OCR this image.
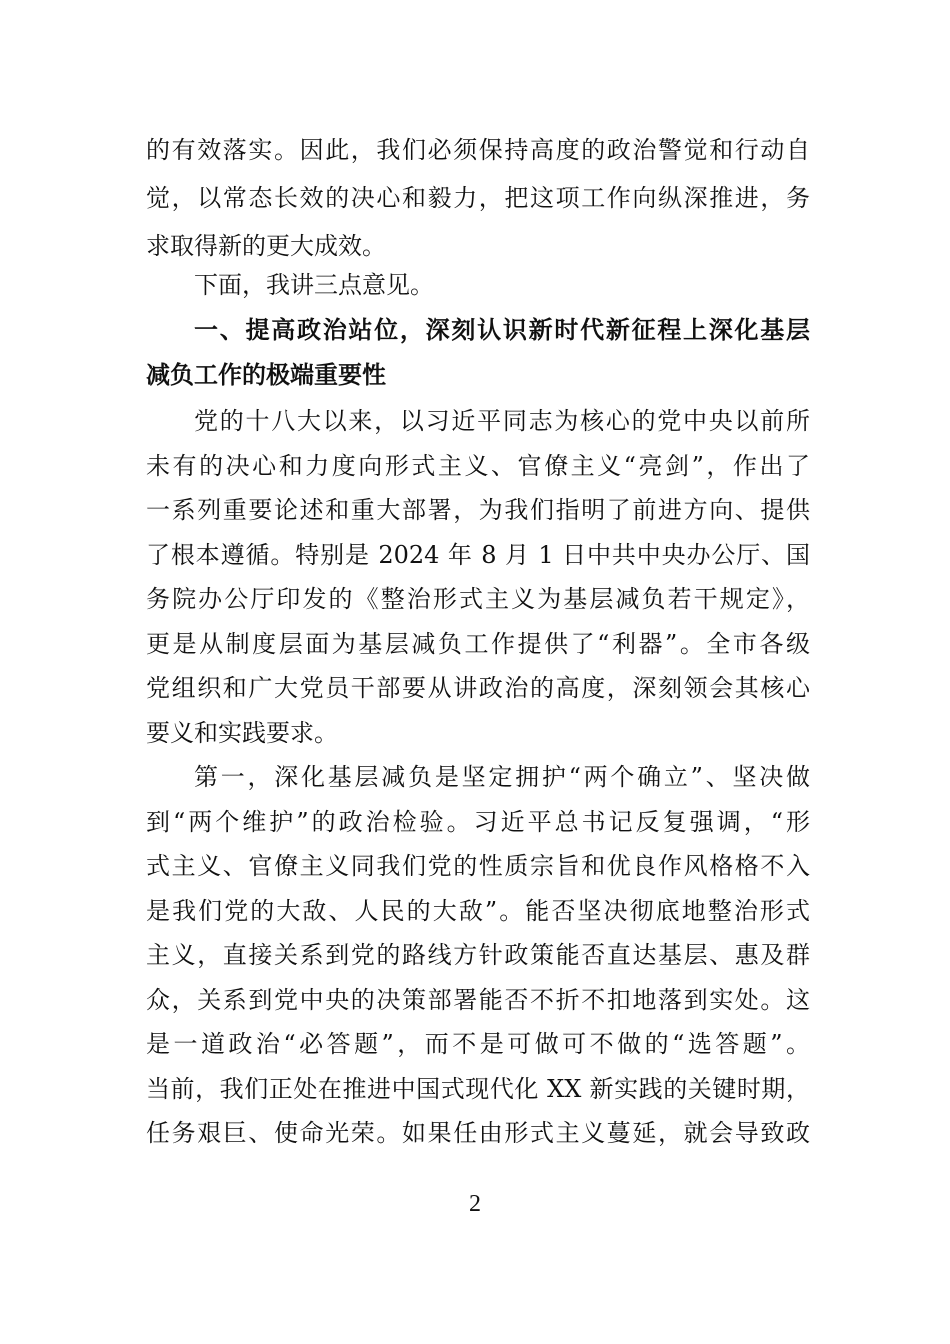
的有效落实。因此，我们必须保持高度的政治警觉和行动自

觉，以常态长效的决心和毅力，把这项工作向纵深推进，务

求取得新的更大成效。

下面，我讲三点意见。

一、提高政治站位，深刻认识新时代新征程上深化基层

减负工作的极端重要性

党的十八大以来，以习近平同志为核心的党中央以前所

未有的决心和力度向形式主义、官僚主义“亮剑”，作出了

一系列重要论述和重大部署，为我们指明了前进方向、提供

了根本遵循。特别是 2024 年 8 月 1 日中共中央办公厅、国

务院办公厅印发的《整治形式主义为基层减负若干规定》，

更是从制度层面为基层减负工作提供了“利器”。全市各级

党组织和广大党员干部要从讲政治的高度，深刻领会其核心

要义和实践要求。

第一，深化基层减负是坚定拥护“两个确立”、坚决做

到“两个维护”的政治检验。习近平总书记反复强调，“形

式主义、官僚主义同我们党的性质宗旨和优良作风格格不入

是我们党的大敌、人民的大敌”。能否坚决彻底地整治形式

主义，直接关系到党的路线方针政策能否直达基层、惠及群

众，关系到党中央的决策部署能否不折不扣地落到实处。这

是一道政治“必答题”，而不是可做可不做的“选答题”。

当前，我们正处在推进中国式现代化 XX 新实践的关键时期，

任务艰巨、使命光荣。如果任由形式主义蔓延，就会导致政

2
